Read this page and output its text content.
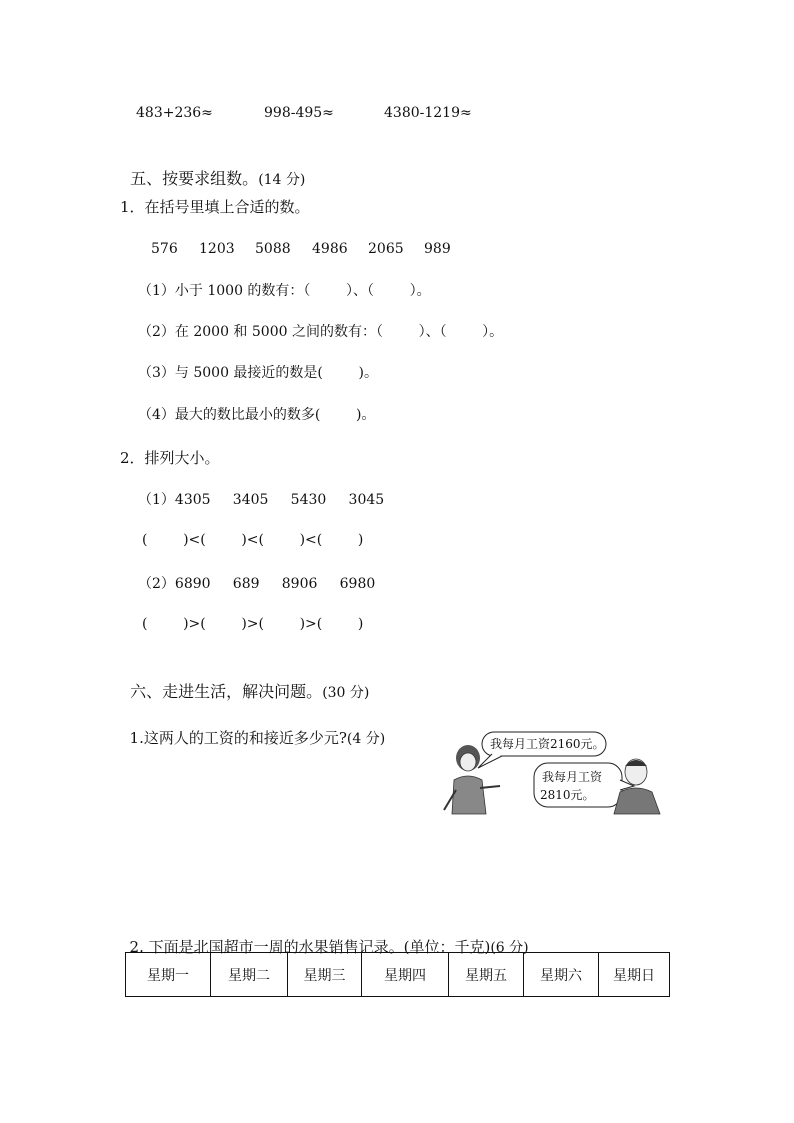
483+236≈	998-495≈	4380-1219≈

五、按要求组数。(14 分)

1．在括号里填上合适的数。
576	1203	5088	4986	2065	989
（1）小于 1000 的数有：（        ）、（        ）。
（2）在 2000 和 5000 之间的数有：（        ）、（        ）。
（3）与 5000 最接近的数是(        )。
（4）最大的数比最小的数多(        )。
2．排列大小。
（1）4305     3405     5430     3045
(        )<(        )<(        )<(        )
（2）6890     689     8906     6980
(        )>(        )>(        )>(        )

六、走进生活，解决问题。(30 分)

1.这两人的工资的和接近多少元?(4 分)	我每月工资2160元。
我每月工资
2810元。

2. 下面是北国超市一周的水果销售记录。(单位：千克)(6 分)

星期一	星期二	星期三	星期四	星期五	星期六	星期日
